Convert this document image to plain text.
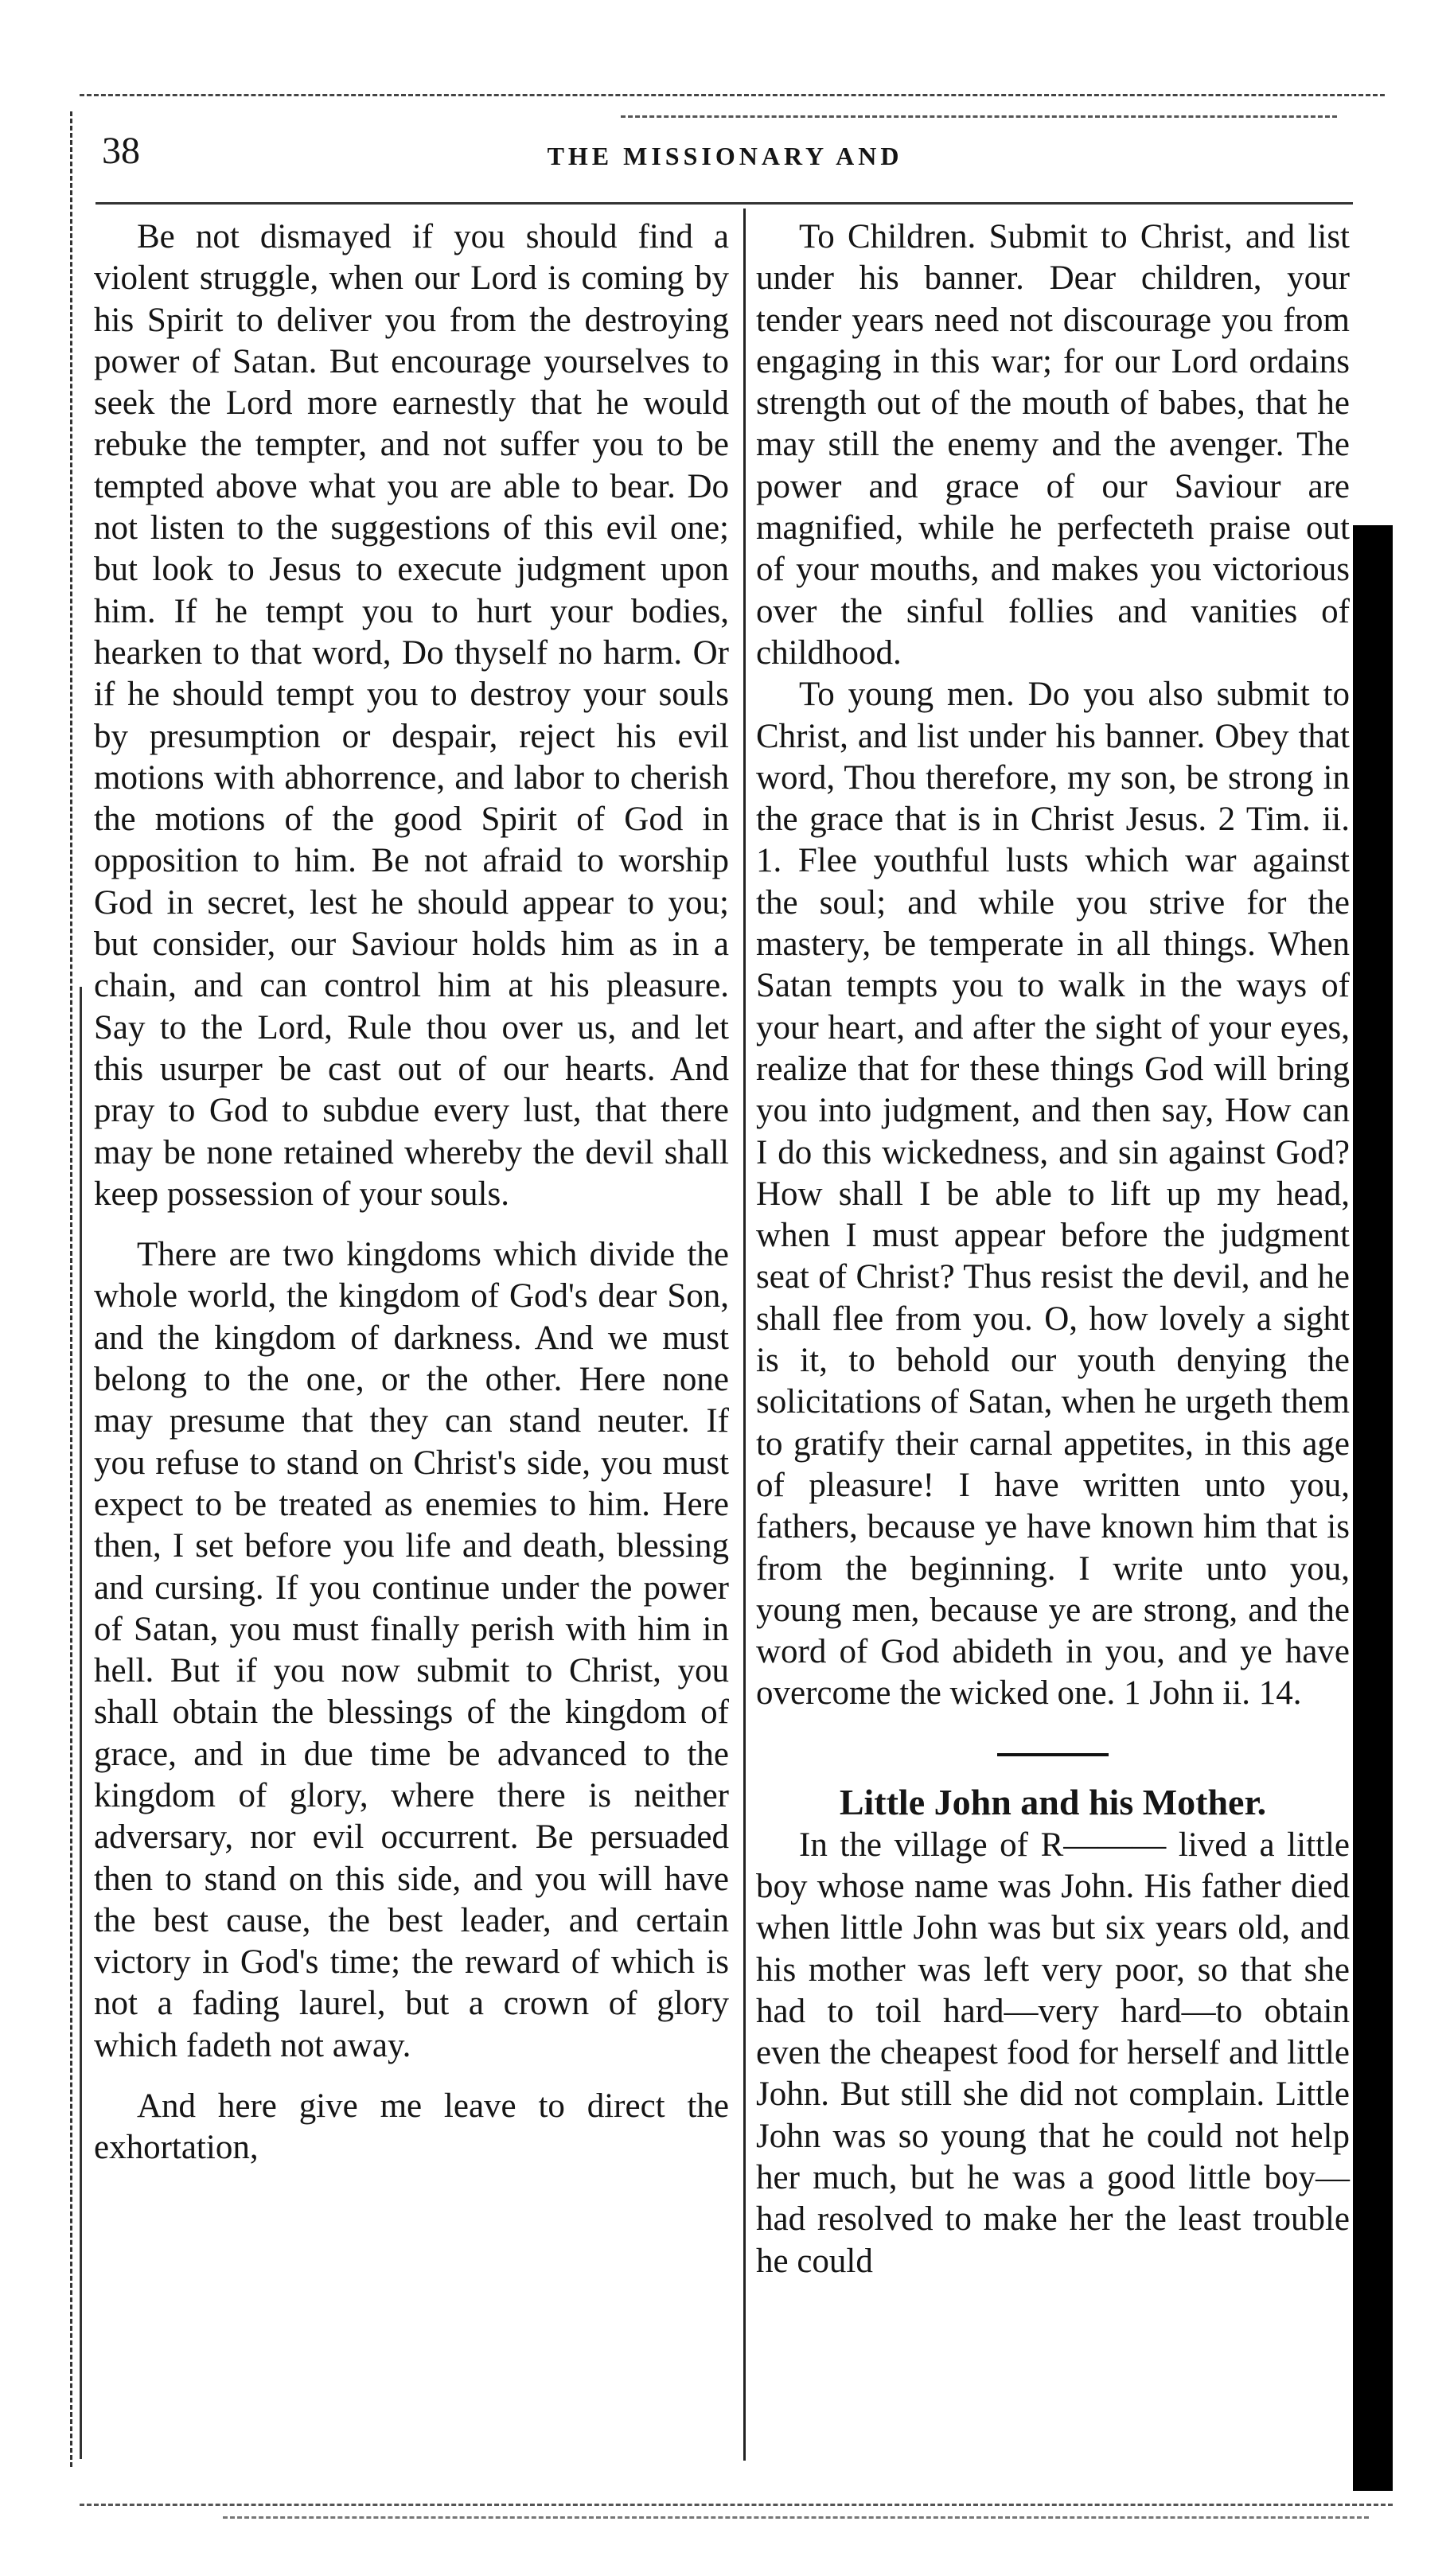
38	THE MISSIONARY AND

Be not dismayed if you should find a violent struggle, when our Lord is coming by his Spirit to deliver you from the destroying power of Satan. But encourage yourselves to seek the Lord more earnestly that he would rebuke the tempter, and not suffer you to be tempted above what you are able to bear. Do not listen to the suggestions of this evil one; but look to Jesus to execute judgment upon him. If he tempt you to hurt your bodies, hearken to that word, Do thyself no harm. Or if he should tempt you to destroy your souls by presumption or despair, reject his evil motions with abhorrence, and labor to cherish the motions of the good Spirit of God in opposition to him. Be not afraid to worship God in secret, lest he should appear to you; but consider, our Saviour holds him as in a chain, and can control him at his pleasure. Say to the Lord, Rule thou over us, and let this usurper be cast out of our hearts. And pray to God to subdue every lust, that there may be none retained whereby the devil shall keep possession of your souls.

There are two kingdoms which divide the whole world, the kingdom of God's dear Son, and the kingdom of darkness. And we must belong to the one, or the other. Here none may presume that they can stand neuter. If you refuse to stand on Christ's side, you must expect to be treated as enemies to him. Here then, I set before you life and death, blessing and cursing. If you continue under the power of Satan, you must finally perish with him in hell. But if you now submit to Christ, you shall obtain the blessings of the kingdom of grace, and in due time be advanced to the kingdom of glory, where there is neither adversary, nor evil occurrent. Be persuaded then to stand on this side, and you will have the best cause, the best leader, and certain victory in God's time; the reward of which is not a fading laurel, but a crown of glory which fadeth not away.

And here give me leave to direct the exhortation,

To Children. Submit to Christ, and list under his banner. Dear children, your tender years need not discourage you from engaging in this war; for our Lord ordains strength out of the mouth of babes, that he may still the enemy and the avenger. The power and grace of our Saviour are magnified, while he perfecteth praise out of your mouths, and makes you victorious over the sinful follies and vanities of childhood.

To young men. Do you also submit to Christ, and list under his banner. Obey that word, Thou therefore, my son, be strong in the grace that is in Christ Jesus. 2 Tim. ii. 1. Flee youthful lusts which war against the soul; and while you strive for the mastery, be temperate in all things. When Satan tempts you to walk in the ways of your heart, and after the sight of your eyes, realize that for these things God will bring you into judgment, and then say, How can I do this wickedness, and sin against God? How shall I be able to lift up my head, when I must appear before the judgment seat of Christ? Thus resist the devil, and he shall flee from you. O, how lovely a sight is it, to behold our youth denying the solicitations of Satan, when he urgeth them to gratify their carnal appetites, in this age of pleasure! I have written unto you, fathers, because ye have known him that is from the beginning. I write unto you, young men, because ye are strong, and the word of God abideth in you, and ye have overcome the wicked one. 1 John ii. 14.

Little John and his Mother.

In the village of R——— lived a little boy whose name was John. His father died when little John was but six years old, and his mother was left very poor, so that she had to toil hard—very hard—to obtain even the cheapest food for herself and little John. But still she did not complain. Little John was so young that he could not help her much, but he was a good little boy—had resolved to make her the least trouble he could
